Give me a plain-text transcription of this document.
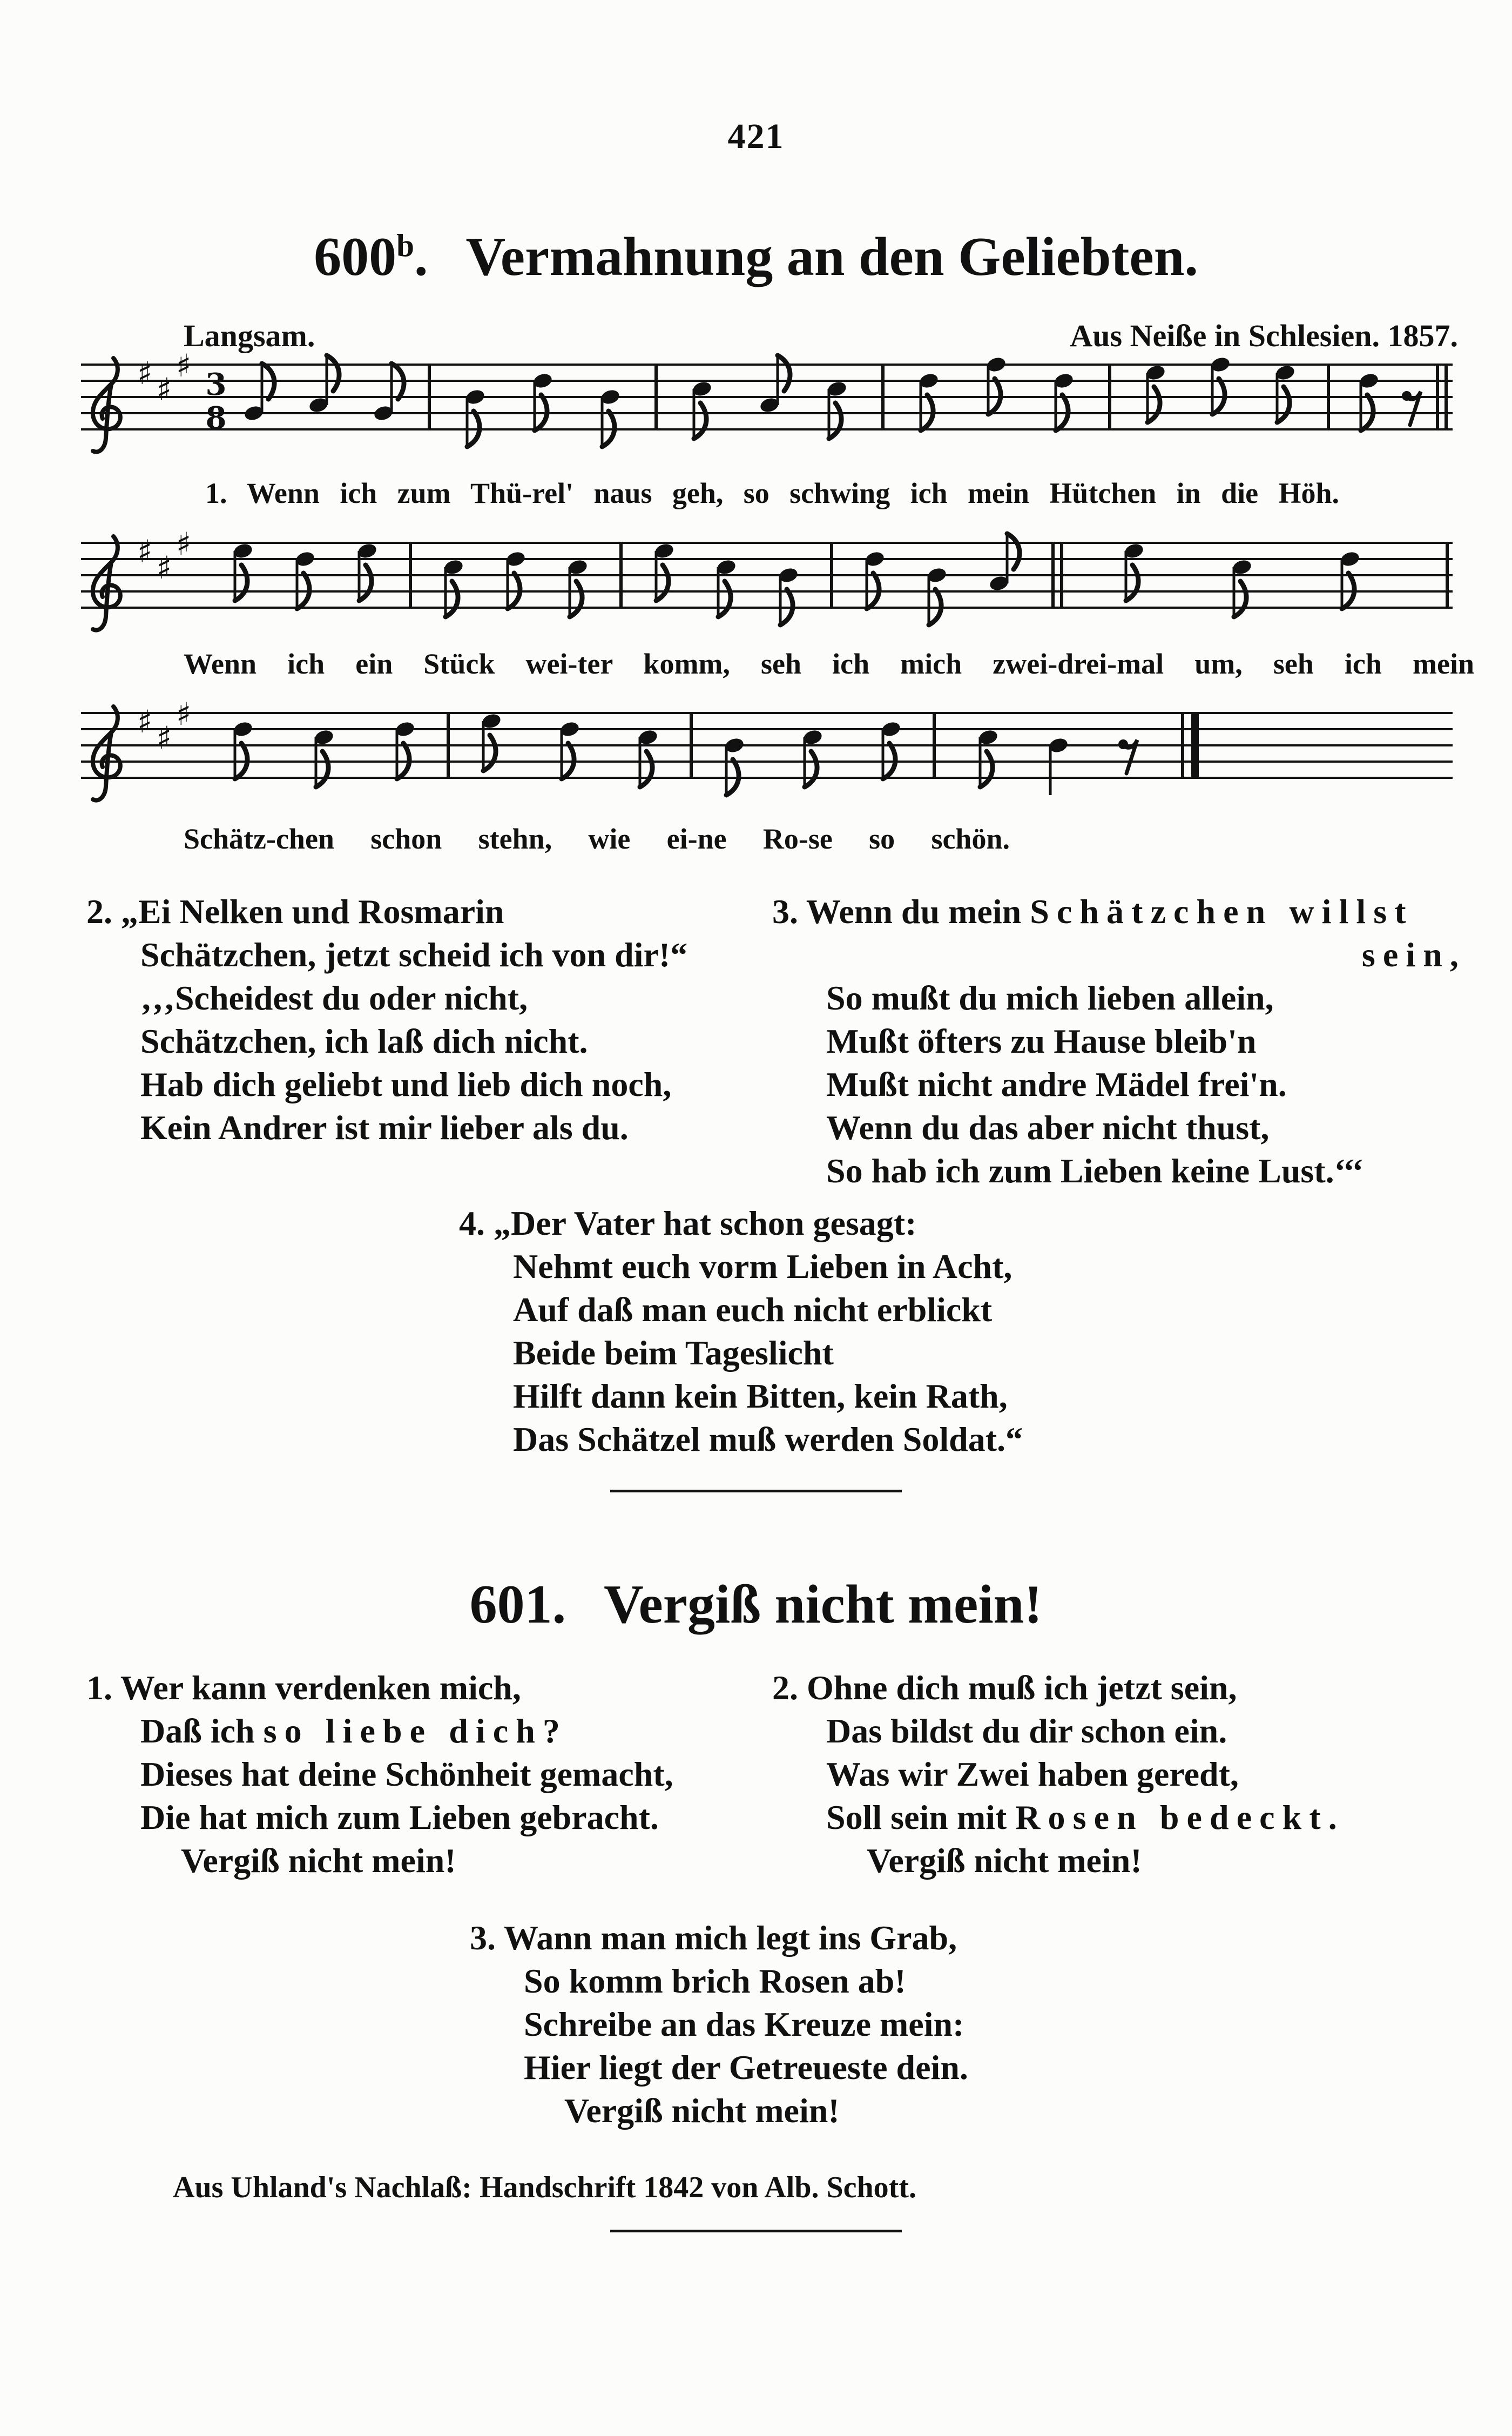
421
600$^b$. Vermahnung an den Geliebten.
Langsam.	Aus Neiße in Schlesien. 1857.
♯ ♯
♯
3
8
1. Wenn ich zum Thü-rel' naus geh, so schwing ich mein Hütchen in die Höh.
♯ ♯
♯
Wenn ich ein Stück wei-ter komm, seh ich mich zwei-drei-mal um, seh ich mein
♯ ♯
♯
Schätz-chen schon stehn, wie ei-ne Ro-se so schön.

2. „Ei Nelken und Rosmarin

Schätzchen, jetzt scheid ich von dir!“

‚‚‚Scheidest du oder nicht,

Schätzchen, ich laß dich nicht.

Hab dich geliebt und lieb dich noch,

Kein Andrer ist mir lieber als du.

3. Wenn du mein Schätzchen willst

sein,

So mußt du mich lieben allein,

Mußt öfters zu Hause bleib'n

Mußt nicht andre Mädel frei'n.

Wenn du das aber nicht thust,

So hab ich zum Lieben keine Lust.‘‘‘

4. „Der Vater hat schon gesagt:

Nehmt euch vorm Lieben in Acht,

Auf daß man euch nicht erblickt

Beide beim Tageslicht

Hilft dann kein Bitten, kein Rath,

Das Schätzel muß werden Soldat.“

601. Vergiß nicht mein!

1. Wer kann verdenken mich,

Daß ich so liebe dich?

Dieses hat deine Schönheit gemacht,

Die hat mich zum Lieben gebracht.

Vergiß nicht mein!

2. Ohne dich muß ich jetzt sein,

Das bildst du dir schon ein.

Was wir Zwei haben geredt,

Soll sein mit Rosen bedeckt.

Vergiß nicht mein!

3. Wann man mich legt ins Grab,

So komm brich Rosen ab!

Schreibe an das Kreuze mein:

Hier liegt der Getreueste dein.

Vergiß nicht mein!

Aus Uhland's Nachlaß: Handschrift 1842 von Alb. Schott.
